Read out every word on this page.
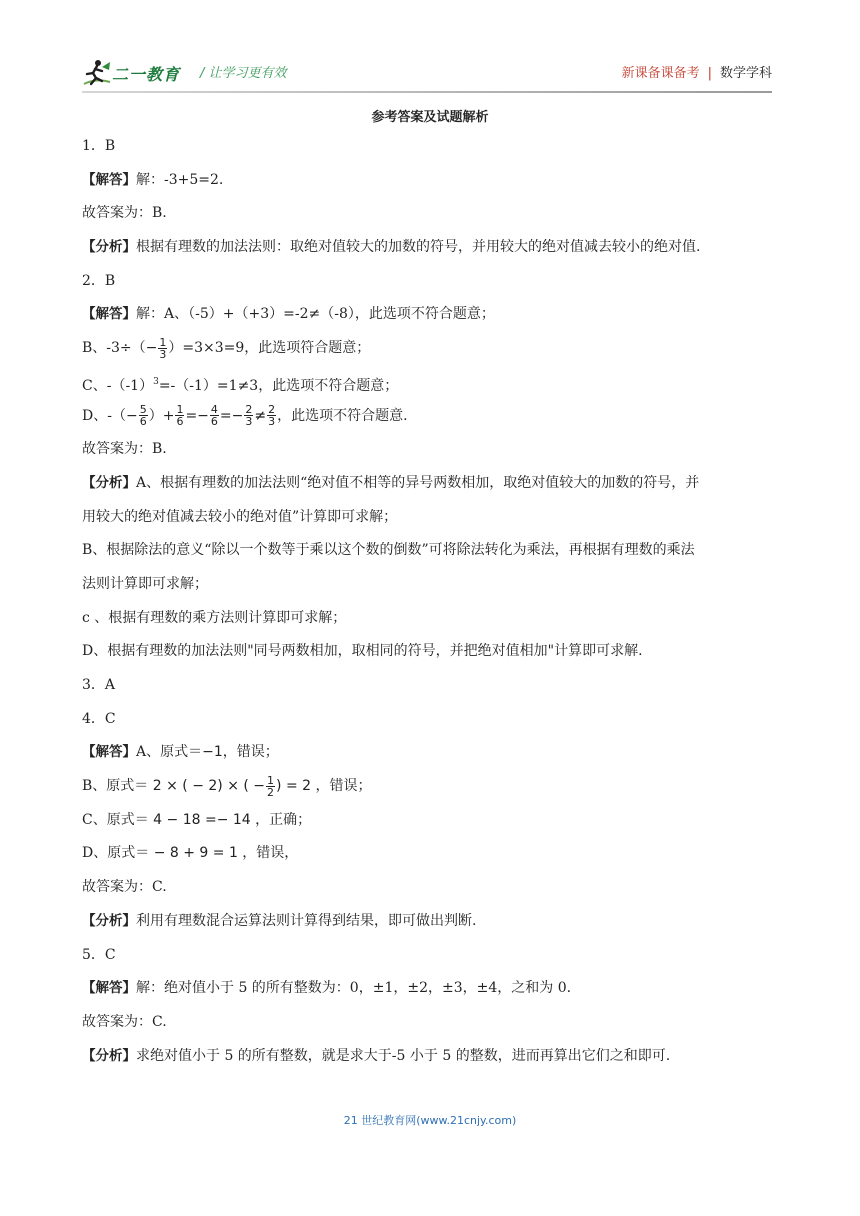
二一教育 / 让学习更有效	新课备课备考 | 数学学科
参考答案及试题解析
1．B
【解答】解：-3+5=2.
故答案为：B.
【分析】根据有理数的加法法则：取绝对值较大的加数的符号，并用较大的绝对值减去较小的绝对值.
2．B
【解答】解：A、（-5）+（+3）=-2≠（-8），此选项不符合题意；
B、$-3\div(- \frac{1}{3} )=3\times 3=9$，此选项符合题意；
C、$-(-1)^3=-(-1)=1\ne 3$，此选项不符合题意；
D、-（− $\frac{5}{6}$ ）+ $\frac{1}{6} =- \frac{4}{6} =- \frac{2}{3} \ne \frac{2}{3}$ ，此选项不符合题意.
故答案为：B.
【分析】A、根据有理数的加法法则“绝对值不相等的异号两数相加，取绝对值较大的加数的符号，并
用较大的绝对值减去较小的绝对值”计算即可求解；
B、根据除法的意义“除以一个数等于乘以这个数的倒数”可将除法转化为乘法，再根据有理数的乘法
法则计算即可求解；
c 、根据有理数的乘方法则计算即可求解；
D、根据有理数的加法法则"同号两数相加，取相同的符号，并把绝对值相加"计算即可求解.
3．A
4．C
【解答】A、原式＝−1，错误；
B、原式＝ 2 × ( − 2) × ( − $\frac{1}{2}$ ) = 2 ，错误；
C、原式＝ 4 − 18 =− 14 ，正确；
D、原式＝ − 8 + 9 = 1 ，错误，
故答案为：C.
【分析】利用有理数混合运算法则计算得到结果，即可做出判断.
5．C
【解答】解：绝对值小于 5 的所有整数为：0，±1，±2，±3，±4，之和为 0.
故答案为：C.
【分析】求绝对值小于 5 的所有整数，就是求大于-5 小于 5 的整数，进而再算出它们之和即可.
21 世纪教育网(www.21cnjy.com)
